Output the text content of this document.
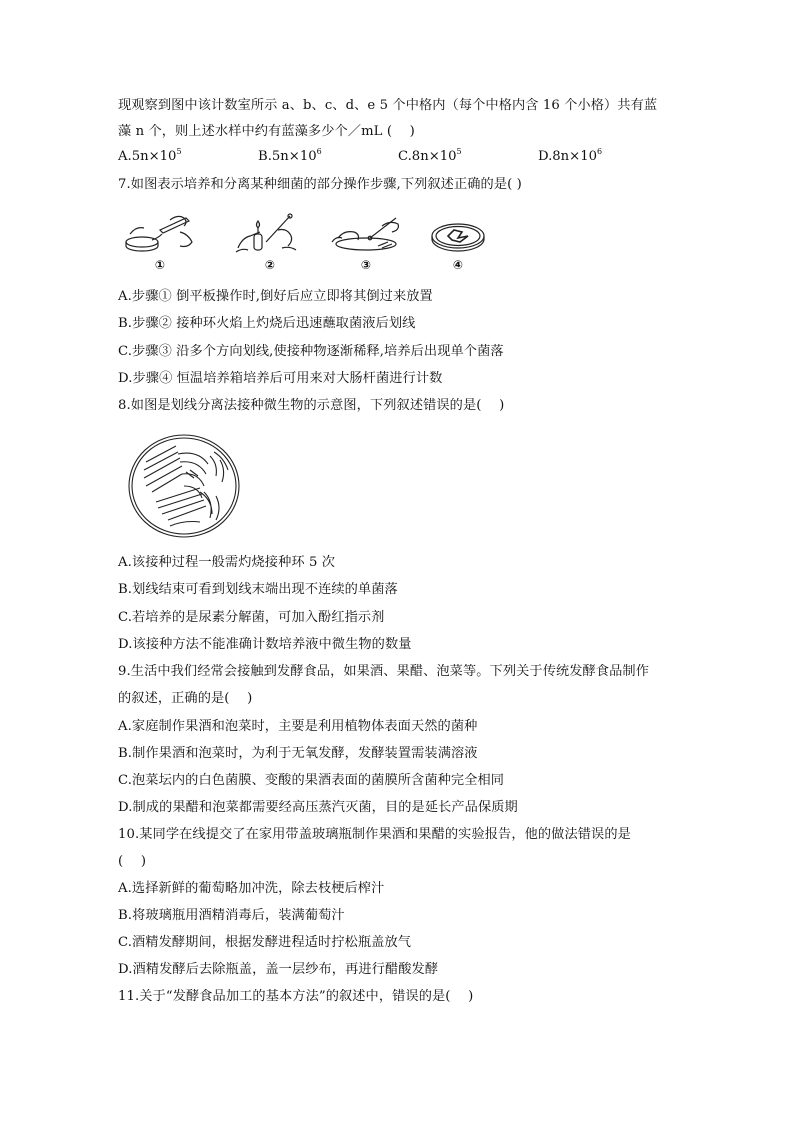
现观察到图中该计数室所示 a、b、c、d、e 5 个中格内（每个中格内含 16 个小格）共有蓝
藻 n 个，则上述水样中约有蓝藻多少个／mL (　 )
$A.5n\times 10^5$	$B.5n\times 10^6$	$C.8n\times 10^5$	$D.8n\times 10^6$
7.如图表示培养和分离某种细菌的部分操作步骤,下列叙述正确的是( )
①	②	③	④
A.步骤① 倒平板操作时,倒好后应立即将其倒过来放置
B.步骤② 接种环火焰上灼烧后迅速蘸取菌液后划线
C.步骤③ 沿多个方向划线,使接种物逐渐稀释,培养后出现单个菌落
D.步骤④ 恒温培养箱培养后可用来对大肠杆菌进行计数
8.如图是划线分离法接种微生物的示意图，下列叙述错误的是(　 )
A.该接种过程一般需灼烧接种环 5 次
B.划线结束可看到划线末端出现不连续的单菌落
C.若培养的是尿素分解菌，可加入酚红指示剂
D.该接种方法不能准确计数培养液中微生物的数量
9.生活中我们经常会接触到发酵食品，如果酒、果醋、泡菜等。下列关于传统发酵食品制作
的叙述，正确的是(　 )
A.家庭制作果酒和泡菜时，主要是利用植物体表面天然的菌种
B.制作果酒和泡菜时，为利于无氧发酵，发酵装置需装满溶液
C.泡菜坛内的白色菌膜、变酸的果酒表面的菌膜所含菌种完全相同
D.制成的果醋和泡菜都需要经高压蒸汽灭菌，目的是延长产品保质期
10.某同学在线提交了在家用带盖玻璃瓶制作果酒和果醋的实验报告，他的做法错误的是
(　 )
A.选择新鲜的葡萄略加冲洗，除去枝梗后榨汁
B.将玻璃瓶用酒精消毒后，装满葡萄汁
C.酒精发酵期间，根据发酵进程适时拧松瓶盖放气
D.酒精发酵后去除瓶盖，盖一层纱布，再进行醋酸发酵
11.关于“发酵食品加工的基本方法”的叙述中，错误的是(　 )
